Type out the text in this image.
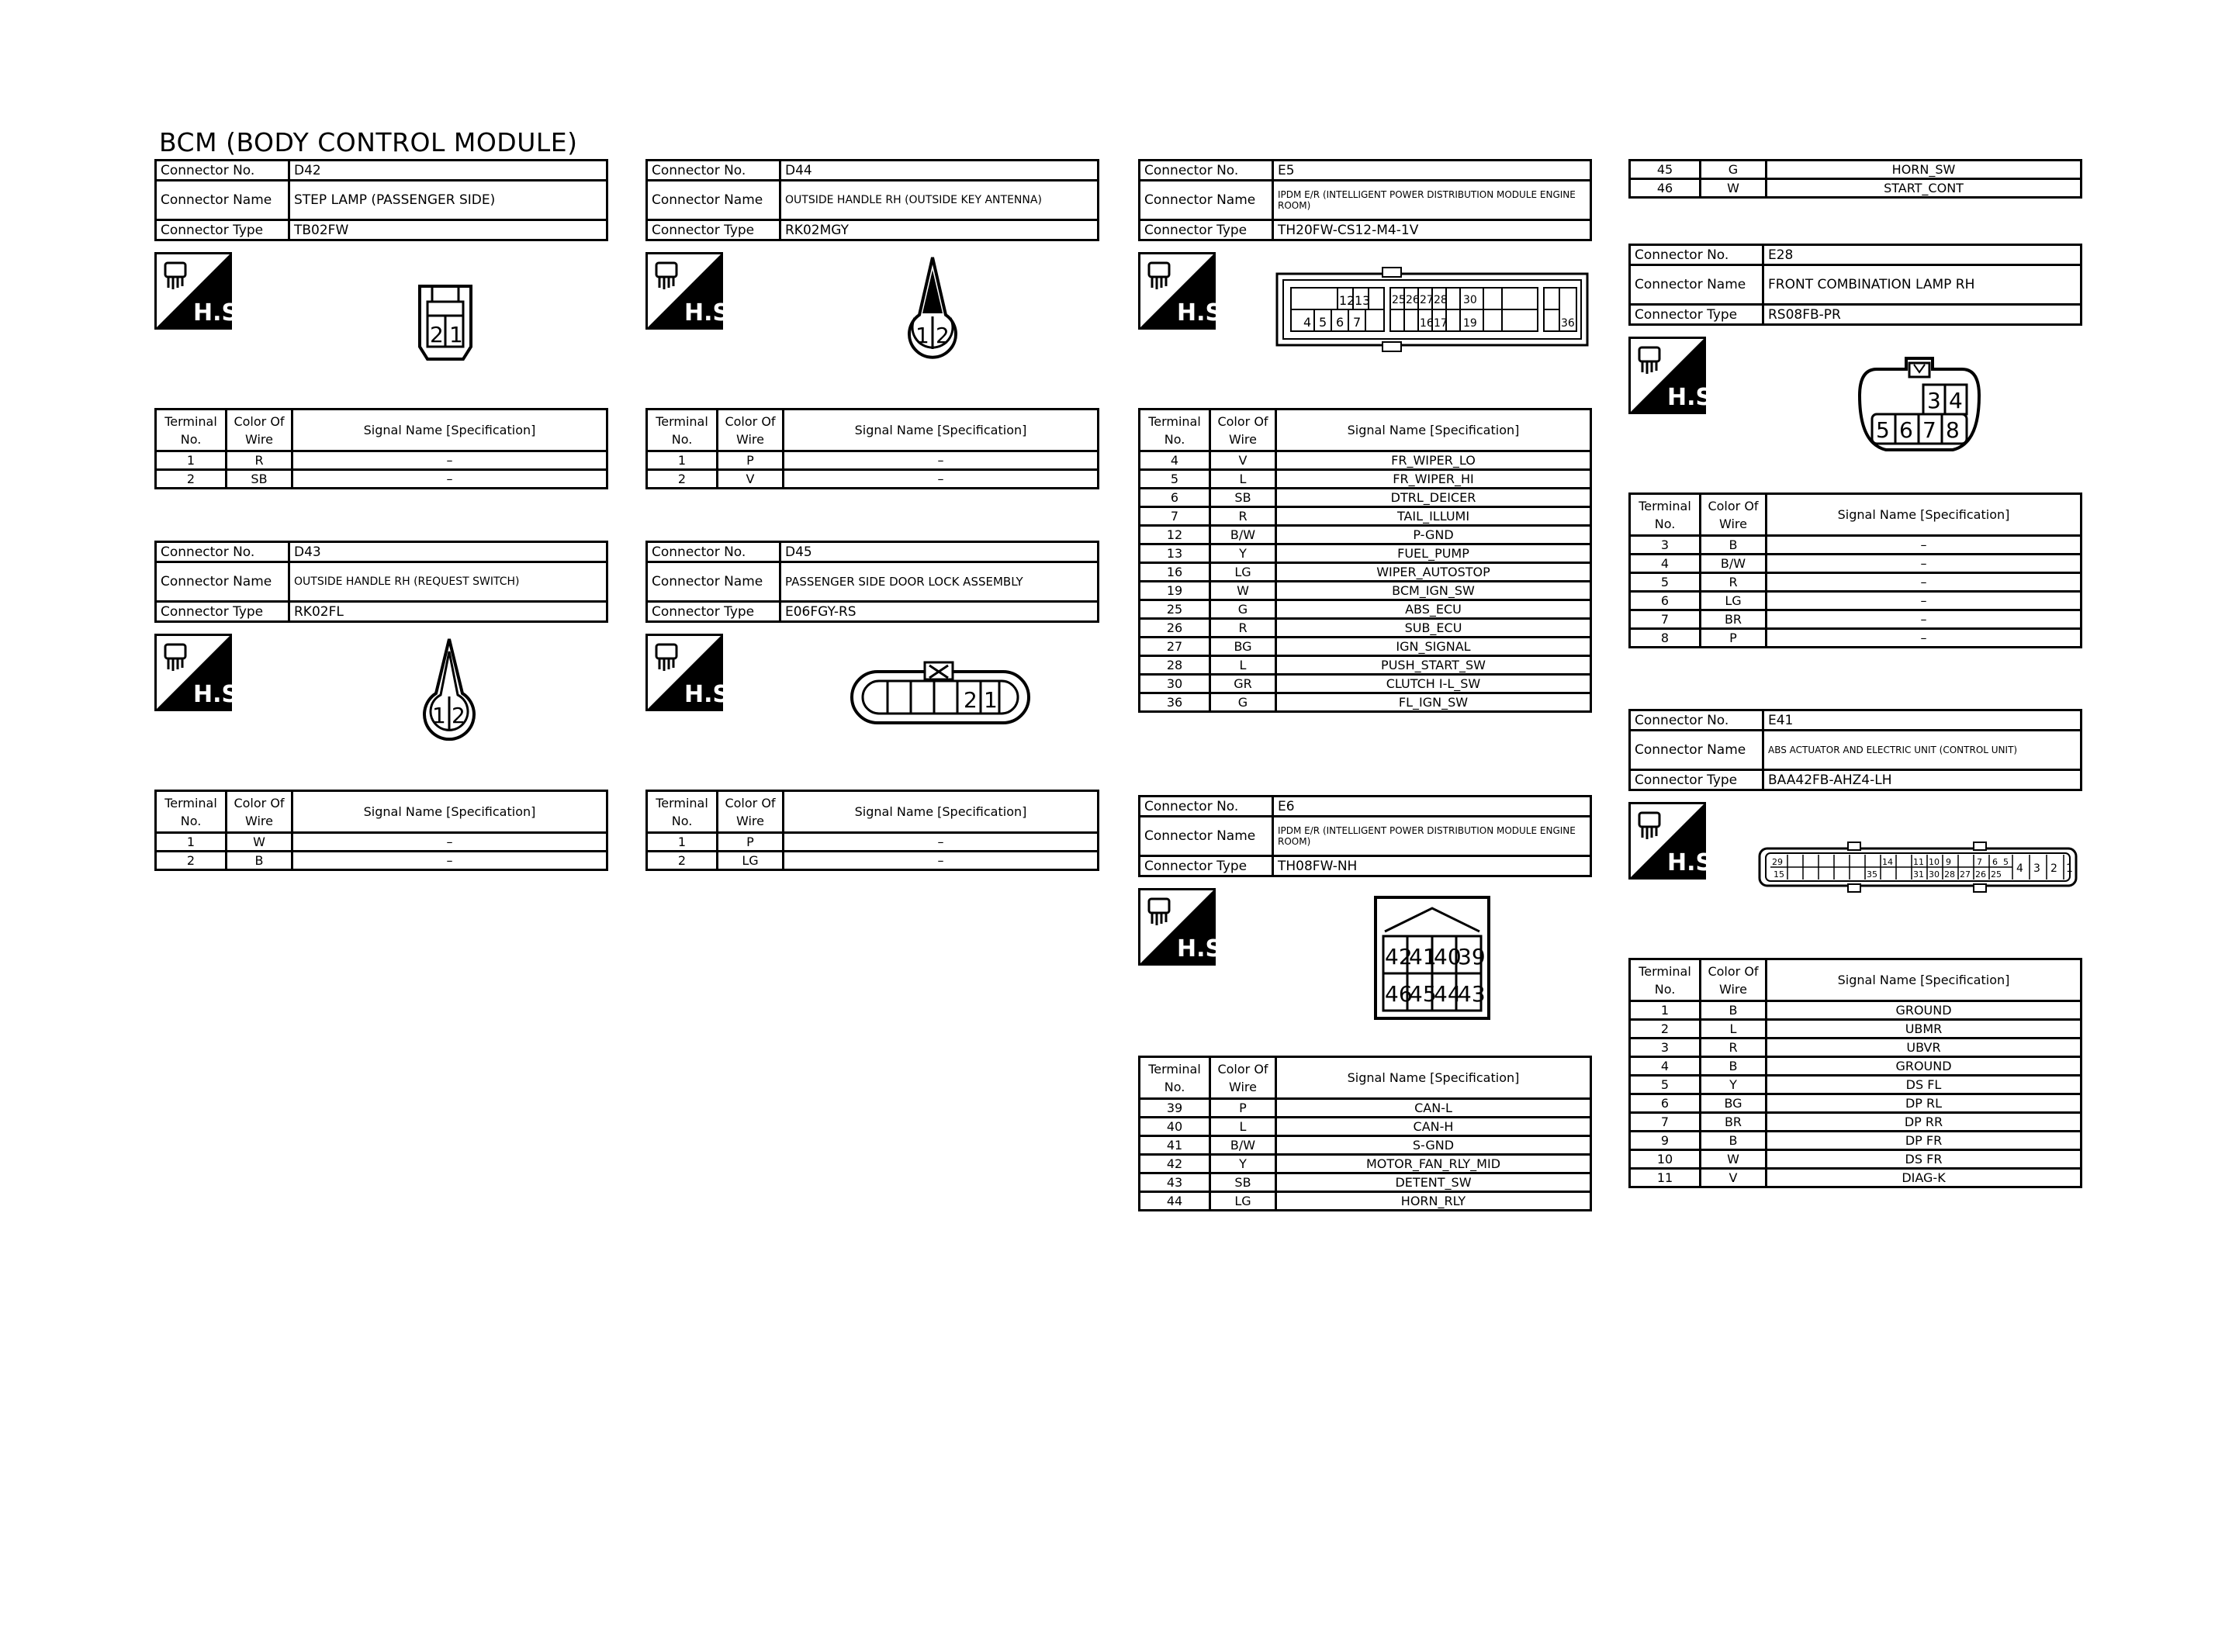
BCM (BODY CONTROL MODULE)
Connector No.	D42
Connector Name	STEP LAMP (PASSENGER SIDE)
Connector Type	TB02FW
H.S.
2 1
Terminal No.	Color Of Wire	Signal Name [Specification]
1	R	–
2	SB	–
Connector No.	D43
Connector Name	OUTSIDE HANDLE RH (REQUEST SWITCH)
Connector Type	RK02FL
H.S.
1 2
Terminal No.	Color Of Wire	Signal Name [Specification]
1	W	–
2	B	–
Connector No.	D44
Connector Name	OUTSIDE HANDLE RH (OUTSIDE KEY ANTENNA)
Connector Type	RK02MGY
H.S.
1 2
Terminal No.	Color Of Wire	Signal Name [Specification]
1	P	–
2	V	–
Connector No.	D45
Connector Name	PASSENGER SIDE DOOR LOCK ASSEMBLY
Connector Type	E06FGY-RS
H.S.	2 1
Terminal No.	Color Of Wire	Signal Name [Specification]
1	P	–
2	LG	–
Connector No.	E5
Connector Name	IPDM E/R (INTELLIGENT POWER DISTRIBUTION MODULE ENGINE ROOM)
Connector Type	TH20FW-CS12-M4-1V
H.S.	12 13 25 26 27 28 30
4 5 6 7	16 17 19	36
Terminal No.	Color Of Wire	Signal Name [Specification]
4	V	FR_WIPER_LO
5	L	FR_WIPER_HI
6	SB	DTRL_DEICER
7	R	TAIL_ILLUMI
12	B/W	P-GND
13	Y	FUEL_PUMP
16	LG	WIPER_AUTOSTOP
19	W	BCM_IGN_SW
25	G	ABS_ECU
26	R	SUB_ECU
27	BG	IGN_SIGNAL
28	L	PUSH_START_SW
30	GR	CLUTCH I-L_SW
36	G	FL_IGN_SW
Connector No.	E6
Connector Name	IPDM E/R (INTELLIGENT POWER DISTRIBUTION MODULE ENGINE ROOM)
Connector Type	TH08FW-NH
H.S.	42
41
40
39
46
45
44
43
Terminal No.	Color Of Wire	Signal Name [Specification]
39	P	CAN-L
40	L	CAN-H
41	B/W	S-GND
42	Y	MOTOR_FAN_RLY_MID
43	SB	DETENT_SW
44	LG	HORN_RLY
45	G	HORN_SW
46	W	START_CONT
Connector No.	E28
Connector Name	FRONT COMBINATION LAMP RH
Connector Type	RS08FB-PR
H.S.	3 4
5 6 7 8
Terminal No.	Color Of Wire	Signal Name [Specification]
3	B	–
4	B/W	–
5	R	–
6	LG	–
7	BR	–
8	P	–
Connector No.	E41
Connector Name	ABS ACTUATOR AND ELECTRIC UNIT (CONTROL UNIT)
Connector Type	BAA42FB-AHZ4-LH
H.S.	29	14 11 10 9	7 6 5
15	35	31 30 28 27 26 25 4 3 2 1
Terminal No.	Color Of Wire	Signal Name [Specification]
1	B	GROUND
2	L	UBMR
3	R	UBVR
4	B	GROUND
5	Y	DS FL
6	BG	DP RL
7	BR	DP RR
9	B	DP FR
10	W	DS FR
11	V	DIAG-K
